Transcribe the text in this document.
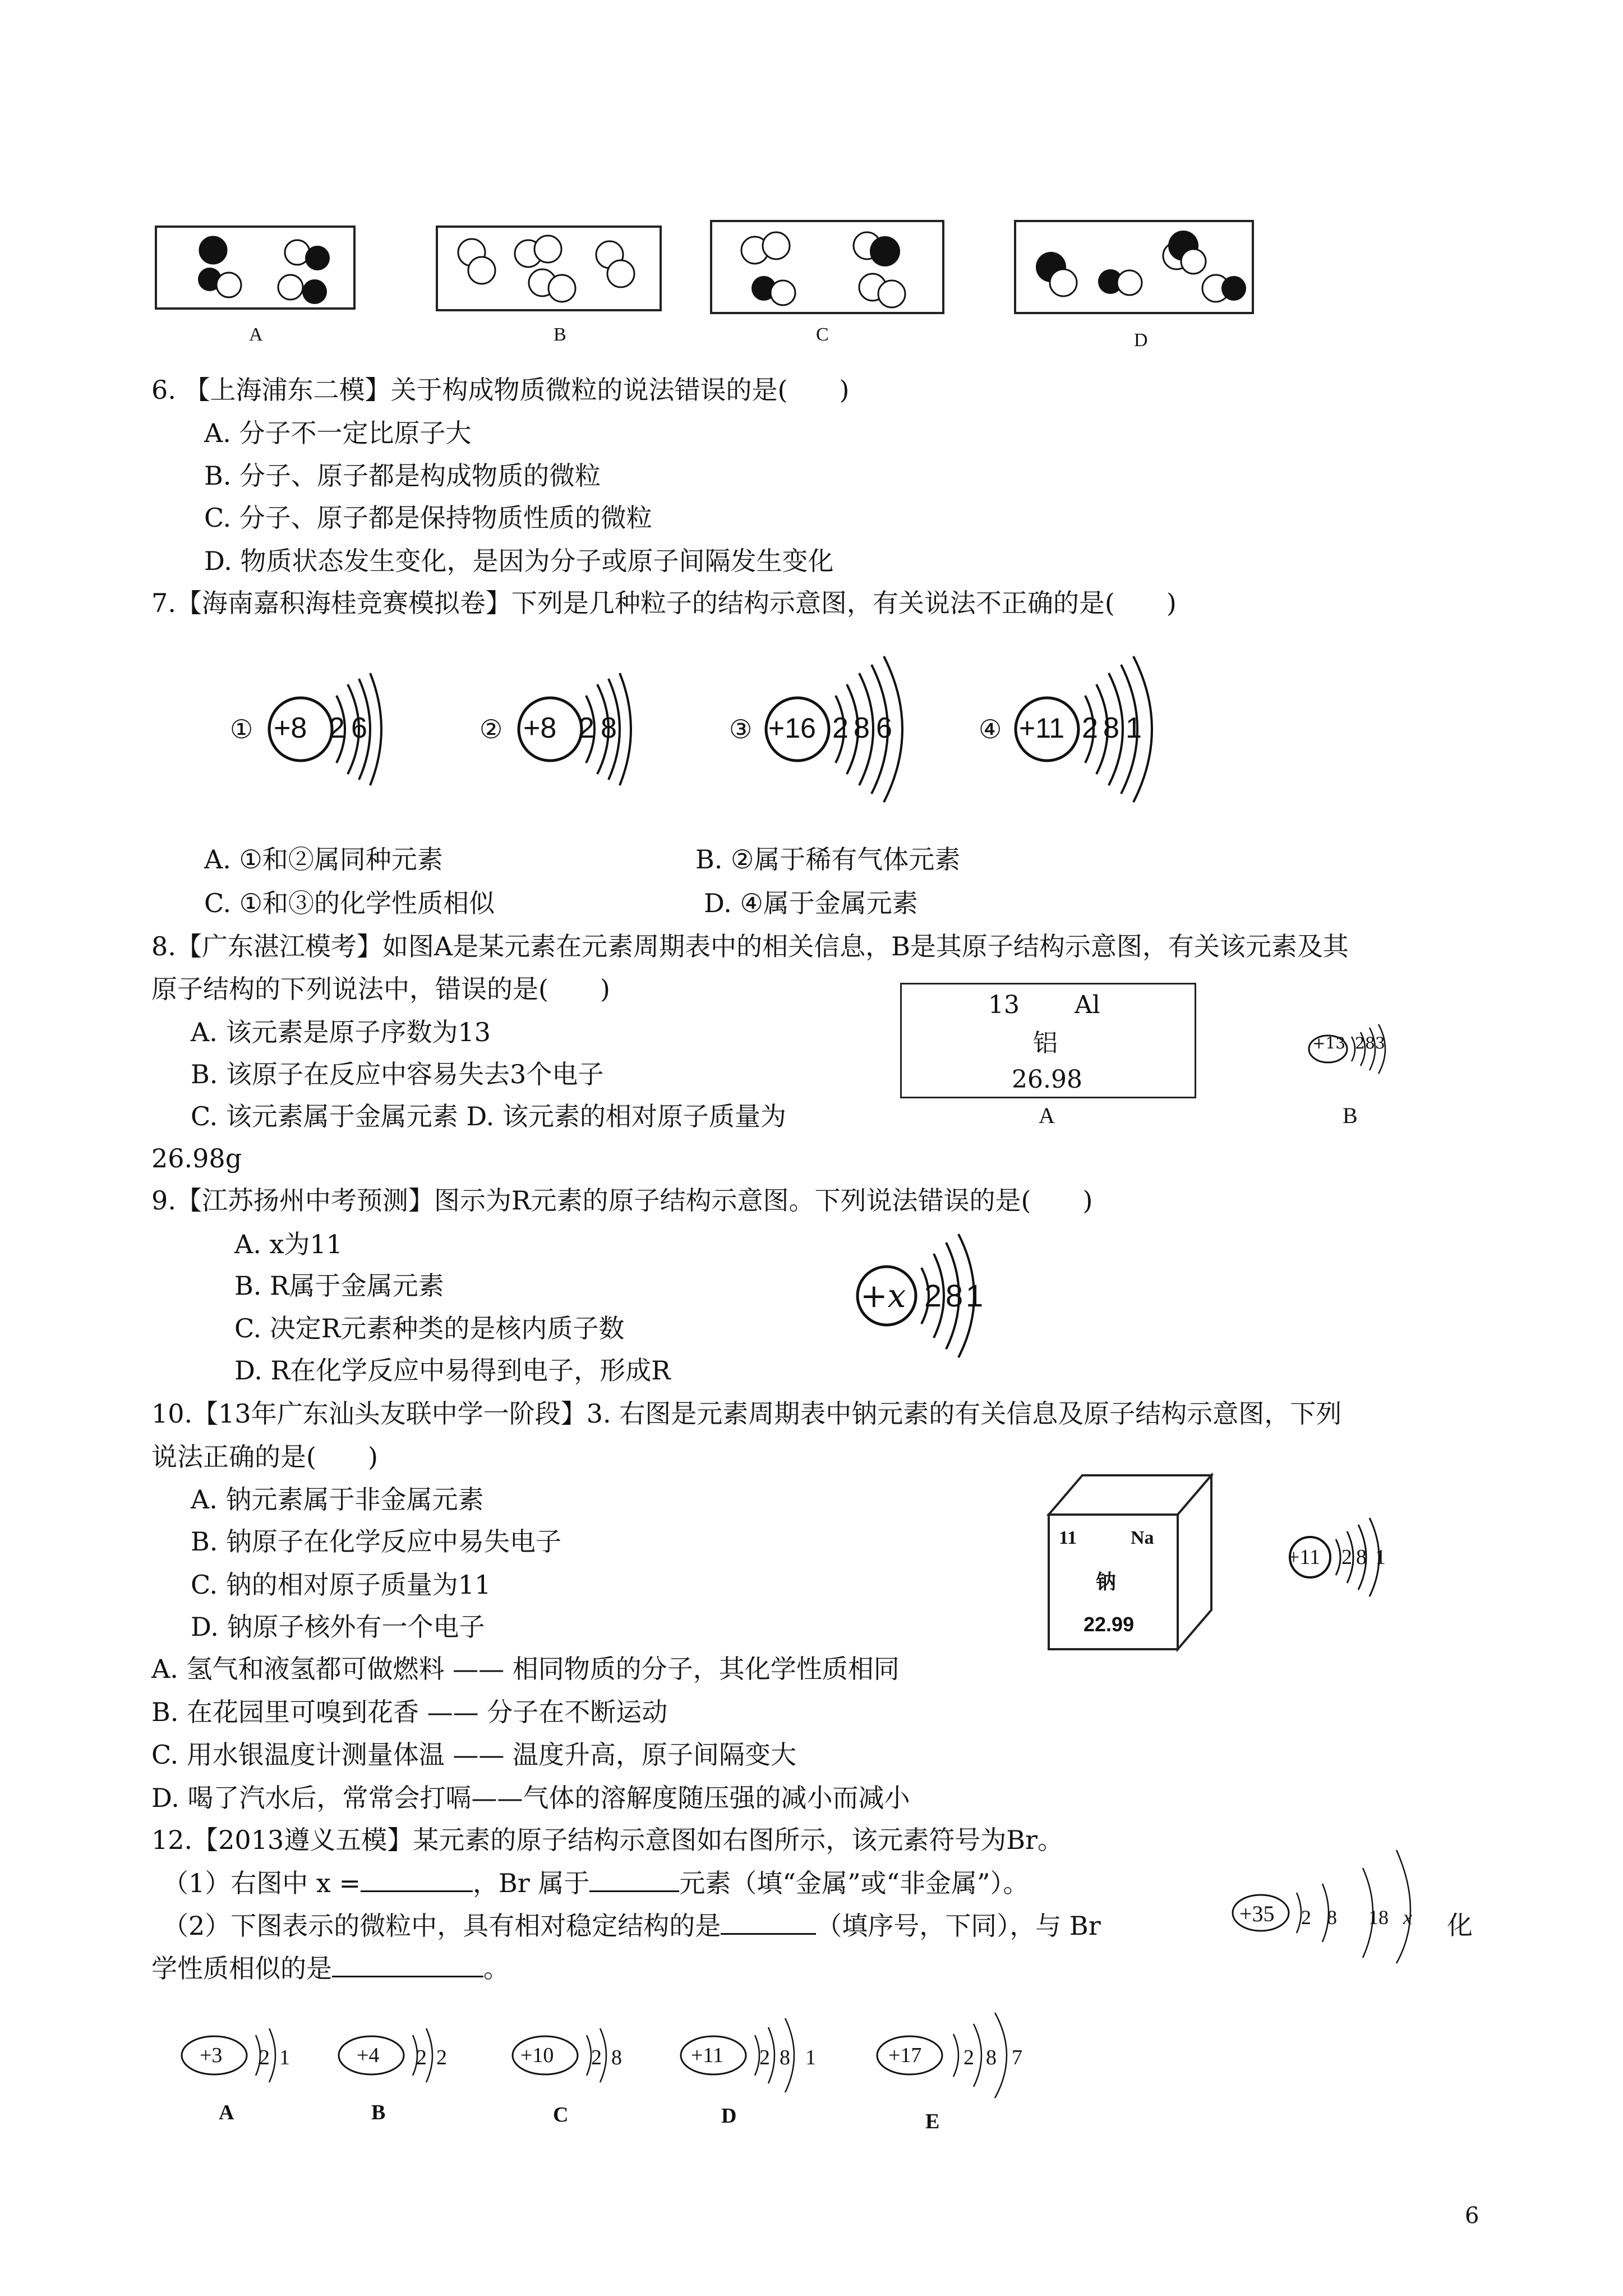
A	B	C	D
6. 【上海浦东二模】关于构成物质微粒的说法错误的是(　　)
A. 分子不一定比原子大
B. 分子、原子都是构成物质的微粒
C. 分子、原子都是保持物质性质的微粒
D. 物质状态发生变化，是因为分子或原子间隔发生变化
7.【海南嘉积海桂竞赛模拟卷】下列是几种粒子的结构示意图，有关说法不正确的是(　　)
① +8 2 6	② +8 2 8	③ +16 2 8 6	④ +11 2 8 1
A. ①和②属同种元素	B. ②属于稀有气体元素
C. ①和③的化学性质相似	D. ④属于金属元素
8.【广东湛江模考】如图A是某元素在元素周期表中的相关信息，B是其原子结构示意图，有关该元素及其
原子结构的下列说法中，错误的是(　　)
A. 该元素是原子序数为13
B. 该原子在反应中容易失去3个电子
C. 该元素属于金属元素 D. 该元素的相对原子质量为
26.98g
13 Al
铝
26.98
A	B
+13 2 8 3
9.【江苏扬州中考预测】图示为R元素的原子结构示意图。下列说法错误的是(　　)
A. x为11
B. R属于金属元素
C. 决定R元素种类的是核内质子数
D. R在化学反应中易得到电子，形成R
+x 2 8 1
10.【13年广东汕头友联中学一阶段】3. 右图是元素周期表中钠元素的有关信息及原子结构示意图，下列
说法正确的是(　　)
A. 钠元素属于非金属元素
B. 钠原子在化学反应中易失电子
C. 钠的相对原子质量为11
D. 钠原子核外有一个电子
11	Na
钠
22.99
+11 2 8 1
A. 氢气和液氢都可做燃料 —— 相同物质的分子，其化学性质相同
B. 在花园里可嗅到花香 —— 分子在不断运动
C. 用水银温度计测量体温 —— 温度升高，原子间隔变大
D. 喝了汽水后，常常会打嗝——气体的溶解度随压强的减小而减小
12.【2013遵义五模】某元素的原子结构示意图如右图所示，该元素符号为Br。
（1）右图中 x =	，Br 属于	元素（填“金属”或“非金属”）。
（2）下图表示的微粒中，具有相对稳定结构的是	（填序号，下同），与 Br	化
学性质相似的是	。
+35 2 8 18 x
+3 2 1
A
+4 2 2
B
+10 2 8
C
+11 2 8 1
D
+17 2 8 7
E
6
